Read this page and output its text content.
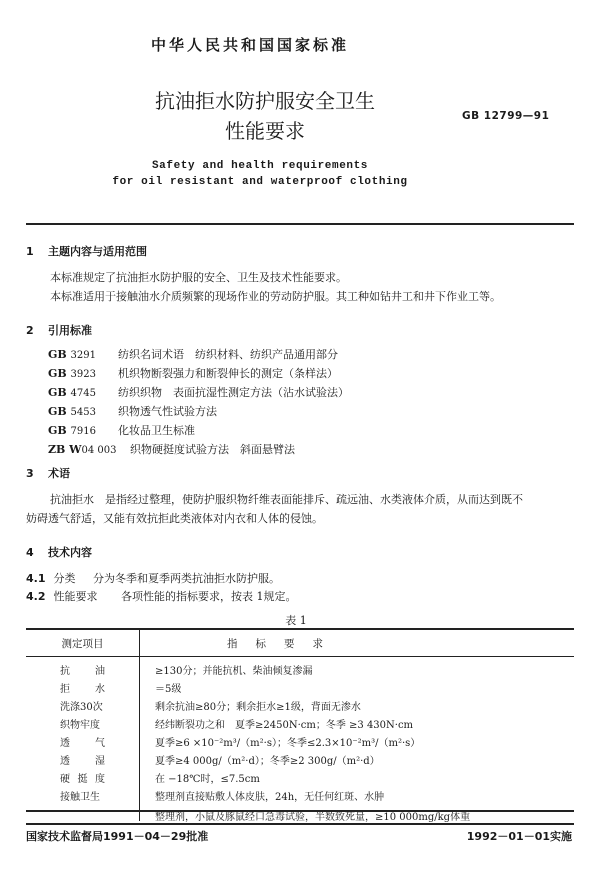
中华人民共和国国家标准
抗油拒水防护服安全卫生
性能要求
GB 12799—91
Safety and health requirements
for oil resistant and waterproof clothing
1 主题内容与适用范围
本标准规定了抗油拒水防护服的安全、卫生及技术性能要求。
本标准适用于接触油水介质频繁的现场作业的劳动防护服。其工种如钻井工和井下作业工等。
2 引用标准
GB 3291 纺织名词术语　纺织材料、纺织产品通用部分
GB 3923 机织物断裂强力和断裂伸长的测定（条样法）
GB 4745 纺织织物　表面抗湿性测定方法（沾水试验法）
GB 5453 织物透气性试验方法
GB 7916 化妆品卫生标准
ZB W04 003 织物硬挺度试验方法　斜面悬臂法
3 术语
抗油拒水　是指经过整理，使防护服织物纤维表面能排斥、疏远油、水类液体介质，从而达到既不
妨碍透气舒适，又能有效抗拒此类液体对内衣和人体的侵蚀。
4 技术内容
4.1 分类 分为冬季和夏季两类抗油拒水防护服。
4.2 性能要求 各项性能的指标要求，按表 1规定。
表 1
测定项目	指标要求
抗	油	≥130分；并能抗机、柴油倾复渗漏
拒	水	＝5级
洗涤30次	剩余抗油≥80分；剩余拒水≥1级，背面无渗水
织物牢度	经纬断裂功之和　夏季≥2450N·cm；冬季 ≥3 430N·cm
透	气	夏季≥6 ×10⁻²m³/（m²·s）；冬季≤2.3×10⁻²m³/（m²·s）
透	湿	夏季≥4 000g/（m²·d）；冬季≥2 300g/（m²·d）
硬 挺 度	在 −18℃时，≤7.5cm
接触卫生	整理剂直接贴敷人体皮肤，24h，无任何红斑、水肿
整理剂，小鼠及豚鼠经口急毒试验，半数致死量，≥10 000mg/kg体重
国家技术监督局1991－04－29批准	1992－01－01实施
